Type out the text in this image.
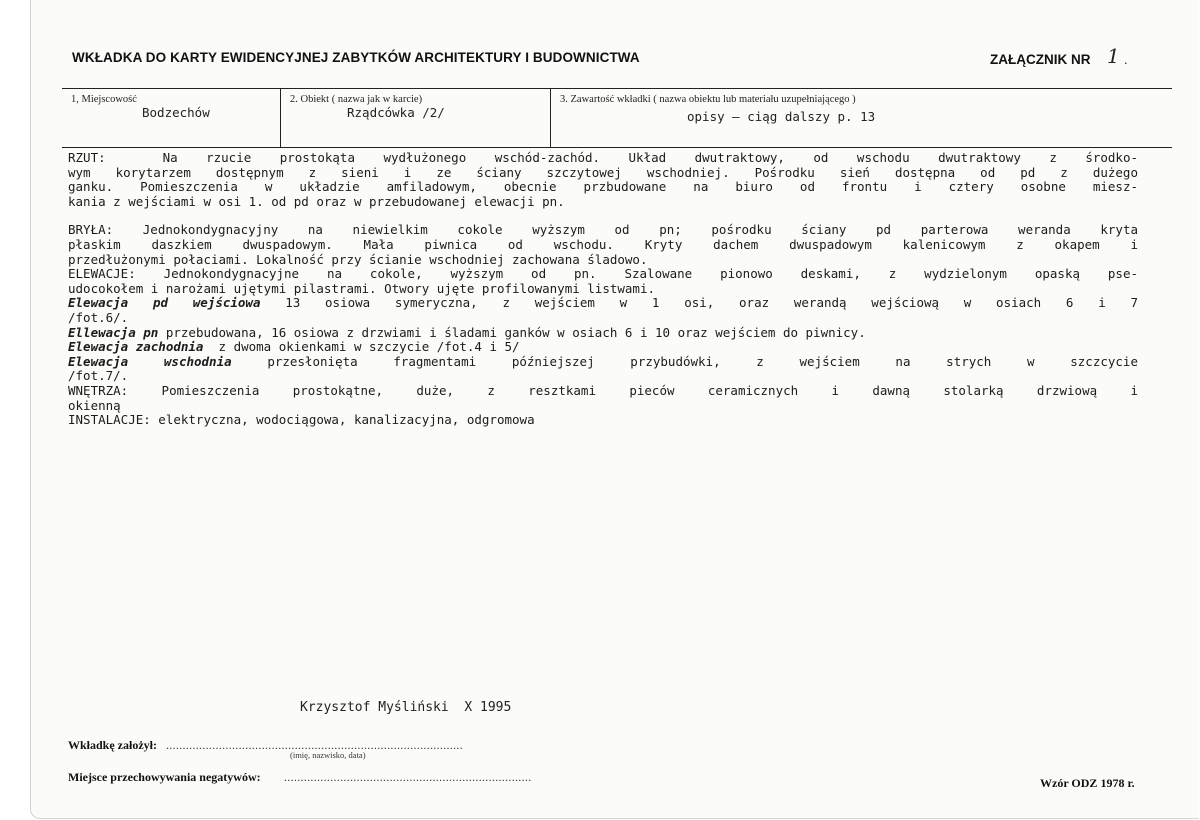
WKŁADKA DO KARTY EWIDENCYJNEJ ZABYTKÓW ARCHITEKTURY I BUDOWNICTWA	ZAŁĄCZNIK NR 1 .
1, Miejscowość
Bodzechów
2. Obiekt ( nazwa jak w karcie)
Rządcówka /2/
3. Zawartość wkładki ( nazwa obiektu lub materiału uzupełniającego )
opisy – ciąg dalszy p. 13
RZUT:  Na rzucie prostokąta wydłużonego wschód-zachód. Układ dwutraktowy, od wschodu dwutraktowy z środko-
wym korytarzem dostępnym z sieni i ze ściany szczytowej wschodniej. Pośrodku sień dostępna od pd z dużego
ganku. Pomieszczenia w układzie amfiladowym, obecnie przbudowane na biuro od frontu i cztery osobne miesz-
kania z wejściami w osi 1. od pd oraz w przebudowanej elewacji pn.
BRYŁA: Jednokondygnacyjny na niewielkim cokole wyższym od pn; pośrodku ściany pd parterowa weranda kryta
płaskim daszkiem dwuspadowym. Mała piwnica od wschodu. Kryty dachem dwuspadowym kalenicowym z okapem i
przedłużonymi połaciami. Lokalność przy ścianie wschodniej zachowana śladowo.
ELEWACJE: Jednokondygnacyjne na cokole, wyższym od pn. Szalowane pionowo deskami, z wydzielonym opaską pse-
udocokołem i narożami ujętymi pilastrami. Otwory ujęte profilowanymi listwami.
Elewacja pd wejściowa 13 osiowa symeryczna, z wejściem w 1 osi, oraz werandą wejściową w osiach 6 i 7
/fot.6/.
Ellewacja pn przebudowana, 16 osiowa z drzwiami i śladami ganków w osiach 6 i 10 oraz wejściem do piwnicy.
Elewacja zachodnia  z dwoma okienkami w szczycie /fot.4 i 5/
Elewacja wschodnia przesłonięta fragmentami późniejszej przybudówki, z wejściem na strych w szczcycie
/fot.7/.
WNĘTRZA: Pomieszczenia prostokątne, duże, z resztkami pieców ceramicznych i dawną stolarką drzwiową i
okienną
INSTALACJE: elektryczna, wodociągowa, kanalizacyjna, odgromowa
Krzysztof Myśliński  X 1995
Wkładkę założył: ..........................................................................................
(imię, nazwisko, data)
Miejsce przechowywania negatywów: ...........................................................................	Wzór ODZ 1978 r.
